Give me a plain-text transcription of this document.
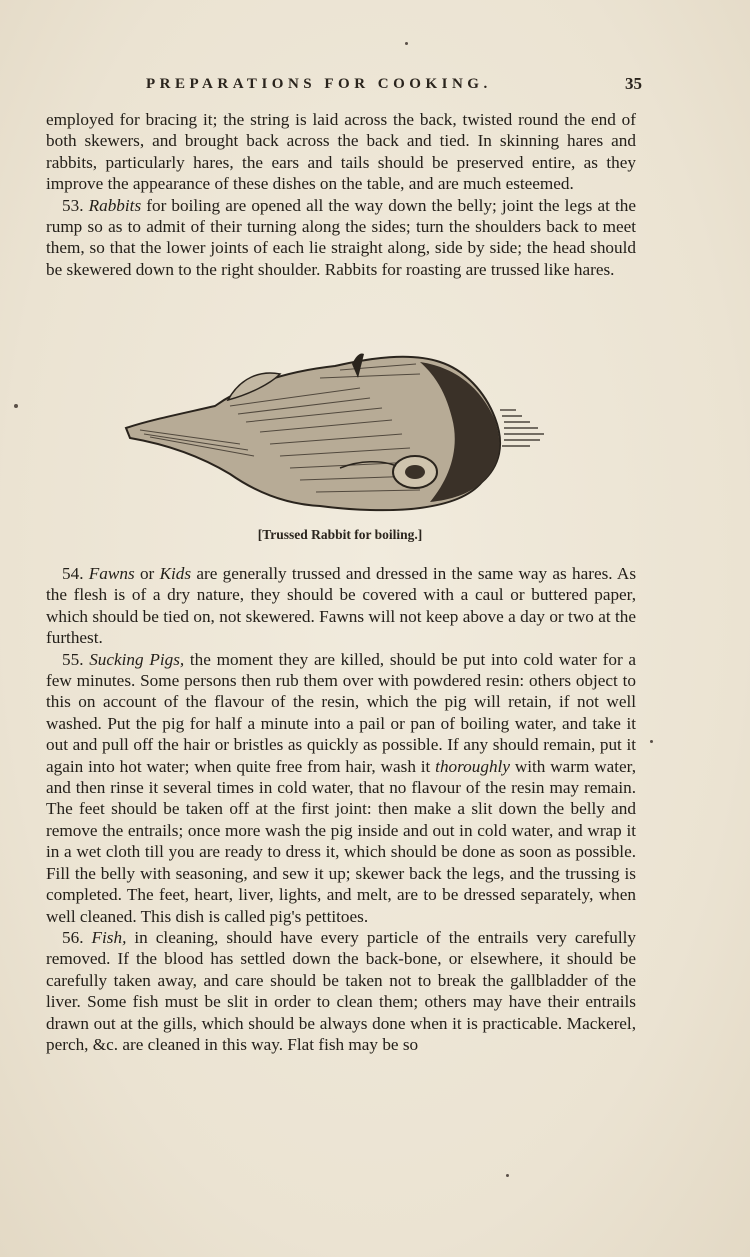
PREPARATIONS FOR COOKING.	35

employed for bracing it; the string is laid across the back, twisted round the end of both skewers, and brought back across the back and tied. In skinning hares and rabbits, particularly hares, the ears and tails should be preserved entire, as they improve the appearance of these dishes on the table, and are much esteemed.

53. Rabbits for boiling are opened all the way down the belly; joint the legs at the rump so as to admit of their turning along the sides; turn the shoulders back to meet them, so that the lower joints of each lie straight along, side by side; the head should be skewered down to the right shoulder. Rabbits for roasting are trussed like hares.

[Trussed Rabbit for boiling.]

54. Fawns or Kids are generally trussed and dressed in the same way as hares. As the flesh is of a dry nature, they should be covered with a caul or buttered paper, which should be tied on, not skewered. Fawns will not keep above a day or two at the furthest.

55. Sucking Pigs, the moment they are killed, should be put into cold water for a few minutes. Some persons then rub them over with powdered resin: others object to this on account of the flavour of the resin, which the pig will retain, if not well washed. Put the pig for half a minute into a pail or pan of boiling water, and take it out and pull off the hair or bristles as quickly as possible. If any should remain, put it again into hot water; when quite free from hair, wash it thoroughly with warm water, and then rinse it several times in cold water, that no flavour of the resin may remain. The feet should be taken off at the first joint: then make a slit down the belly and remove the entrails; once more wash the pig inside and out in cold water, and wrap it in a wet cloth till you are ready to dress it, which should be done as soon as possible. Fill the belly with seasoning, and sew it up; skewer back the legs, and the trussing is completed. The feet, heart, liver, lights, and melt, are to be dressed separately, when well cleaned. This dish is called pig's pettitoes.

56. Fish, in cleaning, should have every particle of the entrails very carefully removed. If the blood has settled down the back-bone, or elsewhere, it should be carefully taken away, and care should be taken not to break the gallbladder of the liver. Some fish must be slit in order to clean them; others may have their entrails drawn out at the gills, which should be always done when it is practicable. Mackerel, perch, &c. are cleaned in this way. Flat fish may be so
